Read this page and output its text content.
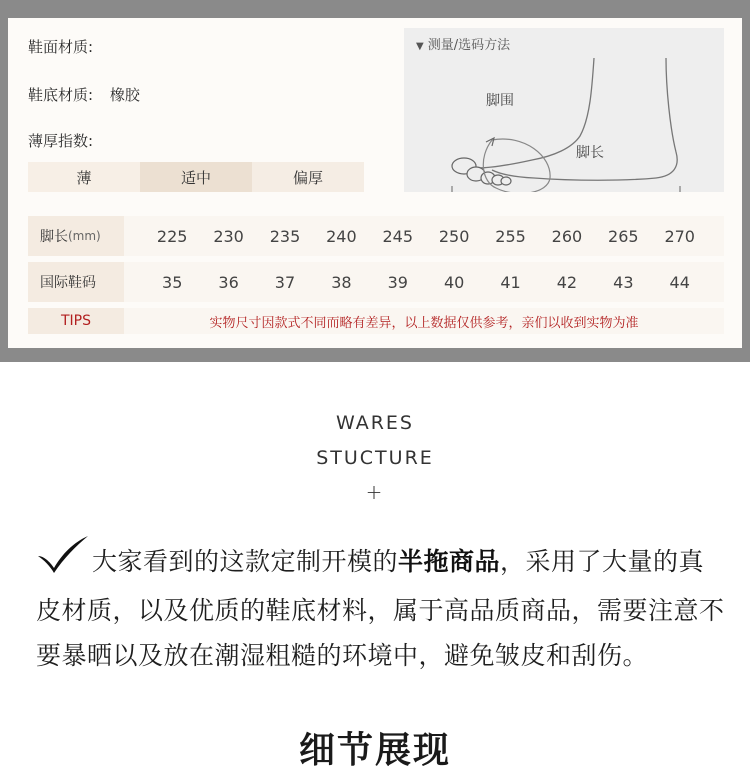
鞋面材质:
鞋底材质: 橡胶
薄厚指数:
薄	适中	偏厚
▼ 测量/选码方法
脚围
脚长
脚长 (mm)	225	230	235	240	245	250	255	260	265	270
国际鞋码	35	36	37	38	39	40	41	42	43	44
TIPS	实物尺寸因款式不同而略有差异，以上数据仅供参考，亲们以收到实物为准
WARES
STUCTURE
+
大家看到的这款定制开模的半拖商品，采用了大量的真皮材质，以及优质的鞋底材料，属于高品质商品，需要注意不要暴晒以及放在潮湿粗糙的环境中，避免皱皮和刮伤。
细节展现
